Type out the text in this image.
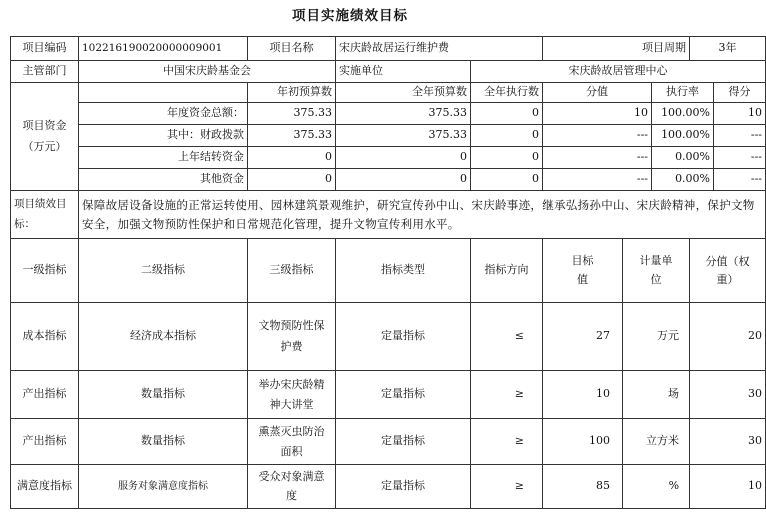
项目实施绩效目标
项目编码	102216190020000009001	项目名称	宋庆龄故居运行维护费		项目周期			3年	
主管部门	中国宋庆龄基金会		实施单位	宋庆龄故居管理中心					
项目资金（万元）		年初预算数	全年预算数	全年执行数	分值		执行率		得分
	年度资金总额：	375.33	375.33	0	10		100.00%		10
	其中：财政拨款	375.33	375.33	0	---		100.00%		---
	上年结转资金	0	0	0	---		0.00%		---
	其他资金	0	0	0	---		0.00%		---
项目绩效目标：	保障故居设备设施的正常运转使用、园林建筑景观维护，研究宣传孙中山、宋庆龄事迹，继承弘扬孙中山、宋庆龄精神，保护文物安全，加强文物预防性保护和日常规范化管理，提升文物宣传利用水平。								
一级指标	二级指标	三级指标	指标类型	指标方向	目标值	计量单位		分值（权重）	
成本指标	经济成本指标	文物预防性保护费	定量指标	≤	27	万元		20	
产出指标	数量指标	举办宋庆龄精神大讲堂	定量指标	≥	10	场		30	
产出指标	数量指标	熏蒸灭虫防治面积	定量指标	≥	100	立方米		30	
满意度指标	服务对象满意度指标	受众对象满意度	定量指标	≥	85	%		10	
